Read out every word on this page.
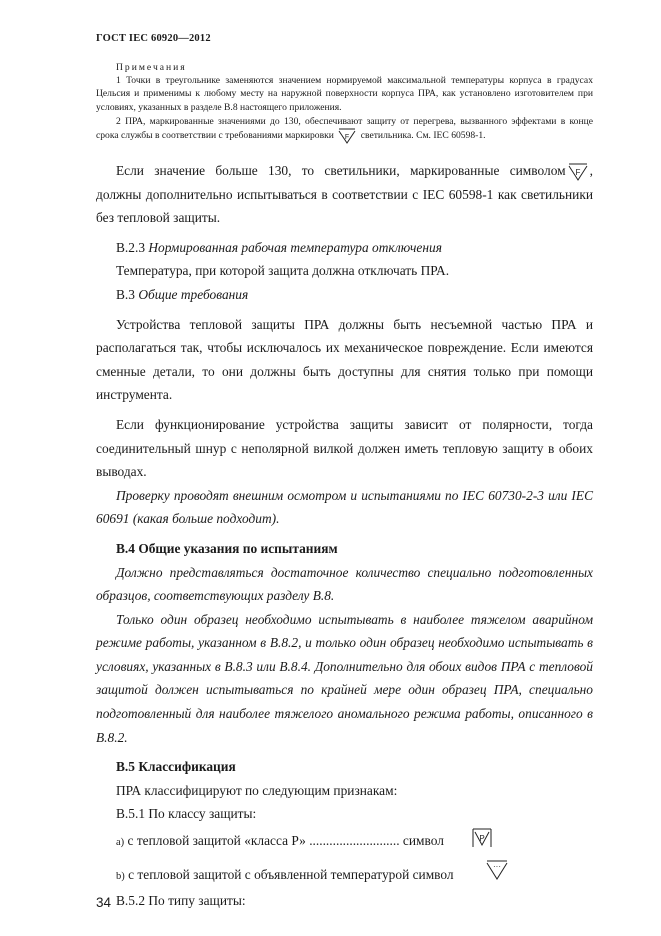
ГОСТ IEC 60920—2012
Примечания

1 Точки в треугольнике заменяются значением нормируемой максимальной температуры корпуса в градусах Цельсия и применимы к любому месту на наружной поверхности корпуса ПРА, как установлено изготовителем при условиях, указанных в разделе В.8 настоящего приложения.

2 ПРА, маркированные значениями до 130, обеспечивают защиту от перегрева, вызванного эффектами в конце срока службы в соответствии с требованиями маркировки F светильника. См. IEC 60598-1.

Если значение больше 130, то светильники, маркированные символом F , должны дополнительно испытываться в соответствии с IEC 60598-1 как светильники без тепловой защиты.

В.2.3 Нормированная рабочая температура отключения

Температура, при которой защита должна отключать ПРА.

В.3 Общие требования

Устройства тепловой защиты ПРА должны быть несъемной частью ПРА и располагаться так, чтобы исключалось их механическое повреждение. Если имеются сменные детали, то они должны быть доступны для снятия только при помощи инструмента.

Если функционирование устройства защиты зависит от полярности, тогда соединительный шнур с неполярной вилкой должен иметь тепловую защиту в обоих выводах.

Проверку проводят внешним осмотром и испытаниями по IEC 60730-2-3 или IEC 60691 (какая больше подходит).

В.4 Общие указания по испытаниям

Должно представляться достаточное количество специально подготовленных образцов, соответствующих разделу В.8.

Только один образец необходимо испытывать в наиболее тяжелом аварийном режиме работы, указанном в В.8.2, и только один образец необходимо испытывать в условиях, указанных в В.8.3 или В.8.4. Дополнительно для обоих видов ПРА с тепловой защитой должен испытываться по крайней мере один образец ПРА, специально подготовленный для наиболее тяжелого аномального режима работы, описанного в В.8.2.

В.5 Классификация

ПРА классифицируют по следующим признакам:

В.5.1 По классу защиты:

а) с тепловой защитой «класса Р» ........................... символ	P
b) с тепловой защитой с объявленной температурой символ
···

В.5.2 По типу защиты:

34
